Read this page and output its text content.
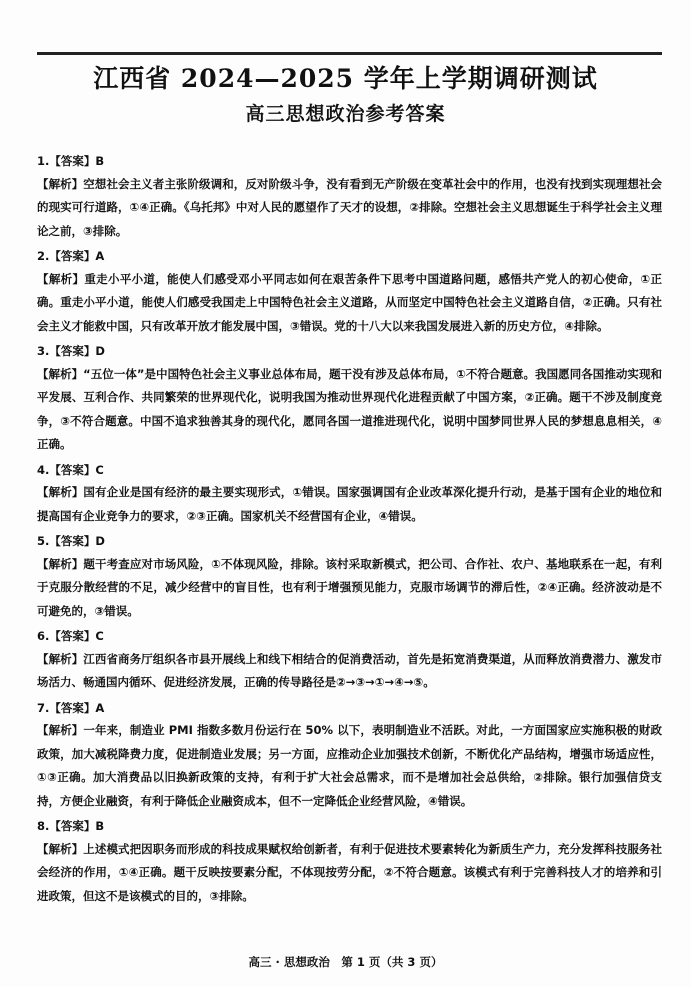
江西省 2024—2025 学年上学期调研测试
高三思想政治参考答案
1.【答案】B

【解析】空想社会主义者主张阶级调和，反对阶级斗争，没有看到无产阶级在变革社会中的作用，也没有找到实现理想社会的现实可行道路，①④正确。《乌托邦》中对人民的愿望作了天才的设想，②排除。空想社会主义思想诞生于科学社会主义理论之前，③排除。

2.【答案】A

【解析】重走小平小道，能使人们感受邓小平同志如何在艰苦条件下思考中国道路问题，感悟共产党人的初心使命，①正确。重走小平小道，能使人们感受我国走上中国特色社会主义道路，从而坚定中国特色社会主义道路自信，②正确。只有社会主义才能救中国，只有改革开放才能发展中国，③错误。党的十八大以来我国发展进入新的历史方位，④排除。

3.【答案】D

【解析】“五位一体”是中国特色社会主义事业总体布局，题干没有涉及总体布局，①不符合题意。我国愿同各国推动实现和平发展、互利合作、共同繁荣的世界现代化，说明我国为推动世界现代化进程贡献了中国方案，②正确。题干不涉及制度竞争，③不符合题意。中国不追求独善其身的现代化，愿同各国一道推进现代化，说明中国梦同世界人民的梦想息息相关，④正确。

4.【答案】C

【解析】国有企业是国有经济的最主要实现形式，①错误。国家强调国有企业改革深化提升行动，是基于国有企业的地位和提高国有企业竞争力的要求，②③正确。国家机关不经营国有企业，④错误。

5.【答案】D

【解析】题干考查应对市场风险，①不体现风险，排除。该村采取新模式，把公司、合作社、农户、基地联系在一起，有利于克服分散经营的不足，减少经营中的盲目性，也有利于增强预见能力，克服市场调节的滞后性，②④正确。经济波动是不可避免的，③错误。

6.【答案】C

【解析】江西省商务厅组织各市县开展线上和线下相结合的促消费活动，首先是拓宽消费渠道，从而释放消费潜力、激发市场活力、畅通国内循环、促进经济发展，正确的传导路径是②→③→①→④→⑤。

7.【答案】A

【解析】一年来，制造业 PMI 指数多数月份运行在 50% 以下，表明制造业不活跃。对此，一方面国家应实施积极的财政政策，加大减税降费力度，促进制造业发展；另一方面，应推动企业加强技术创新，不断优化产品结构，增强市场适应性，①③正确。加大消费品以旧换新政策的支持，有利于扩大社会总需求，而不是增加社会总供给，②排除。银行加强信贷支持，方便企业融资，有利于降低企业融资成本，但不一定降低企业经营风险，④错误。

8.【答案】B

【解析】上述模式把因职务而形成的科技成果赋权给创新者，有利于促进技术要素转化为新质生产力，充分发挥科技服务社会经济的作用，①④正确。题干反映按要素分配，不体现按劳分配，②不符合题意。该模式有利于完善科技人才的培养和引进政策，但这不是该模式的目的，③排除。

高三 · 思想政治　第 1 页（共 3 页）
